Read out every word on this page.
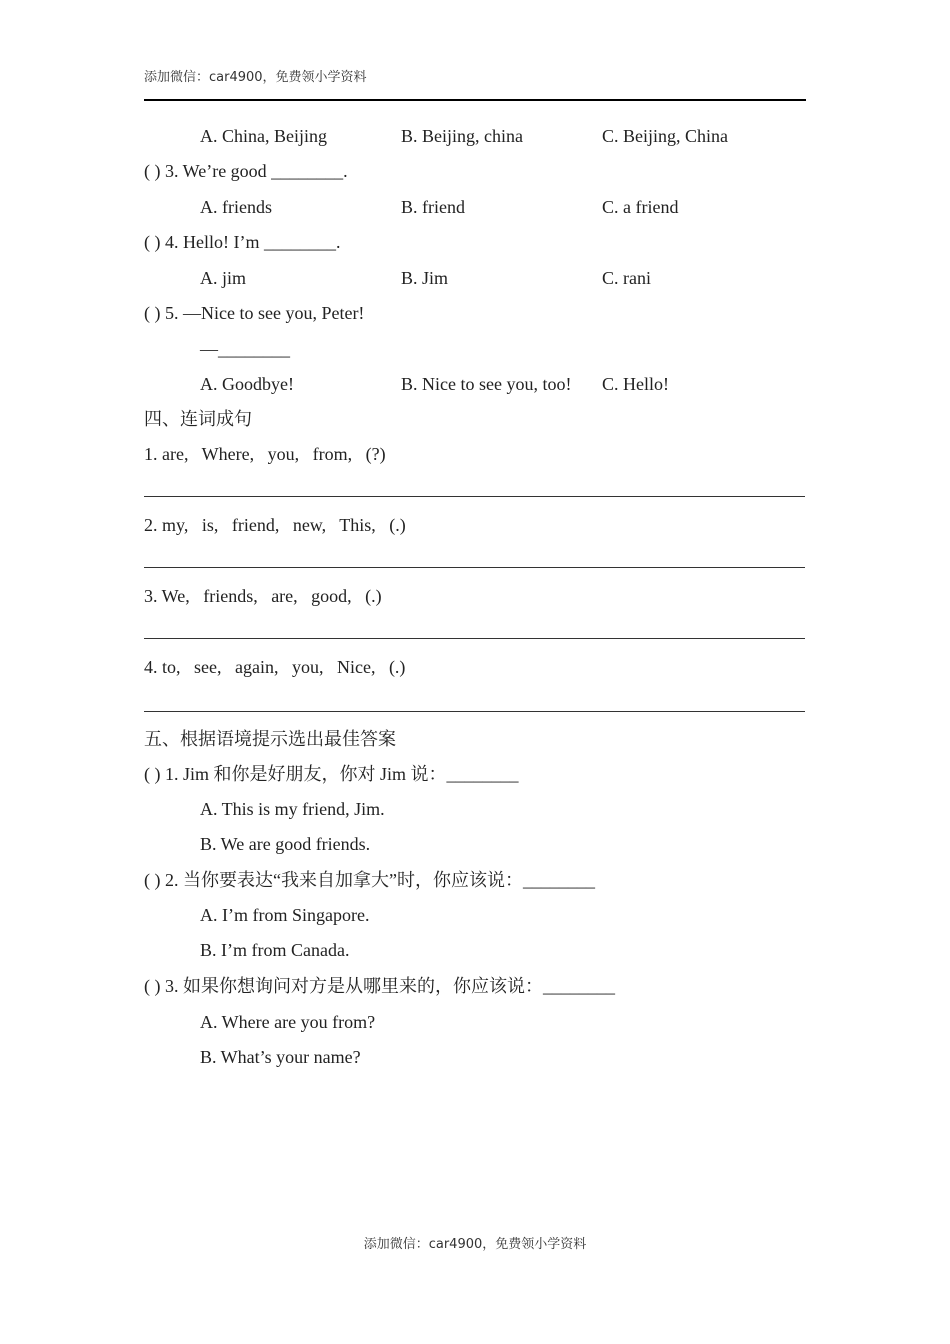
添加微信：car4900，免费领小学资料
A. China, Beijing	B. Beijing, china	C. Beijing, China
( ) 3. We’re good ________.
A. friends	B. friend	C. a friend
( ) 4. Hello! I’m ________.
A. jim	B. Jim	C. rani
( ) 5. —Nice to see you, Peter!
—________
A. Goodbye!	B. Nice to see you, too! C. Hello!
四、连词成句
1. are,   Where,   you,   from,   (?)
2. my,   is,   friend,   new,   This,   (.)
3. We,   friends,   are,   good,   (.)
4. to,   see,   again,   you,   Nice,   (.)
五、根据语境提示选出最佳答案
( ) 1. Jim 和你是好朋友，你对 Jim 说：________
A. This is my friend, Jim.
B. We are good friends.
( ) 2. 当你要表达“我来自加拿大”时，你应该说：________
A. I’m from Singapore.
B. I’m from Canada.
( ) 3. 如果你想询问对方是从哪里来的，你应该说：________
A. Where are you from?
B. What’s your name?
添加微信：car4900，免费领小学资料
